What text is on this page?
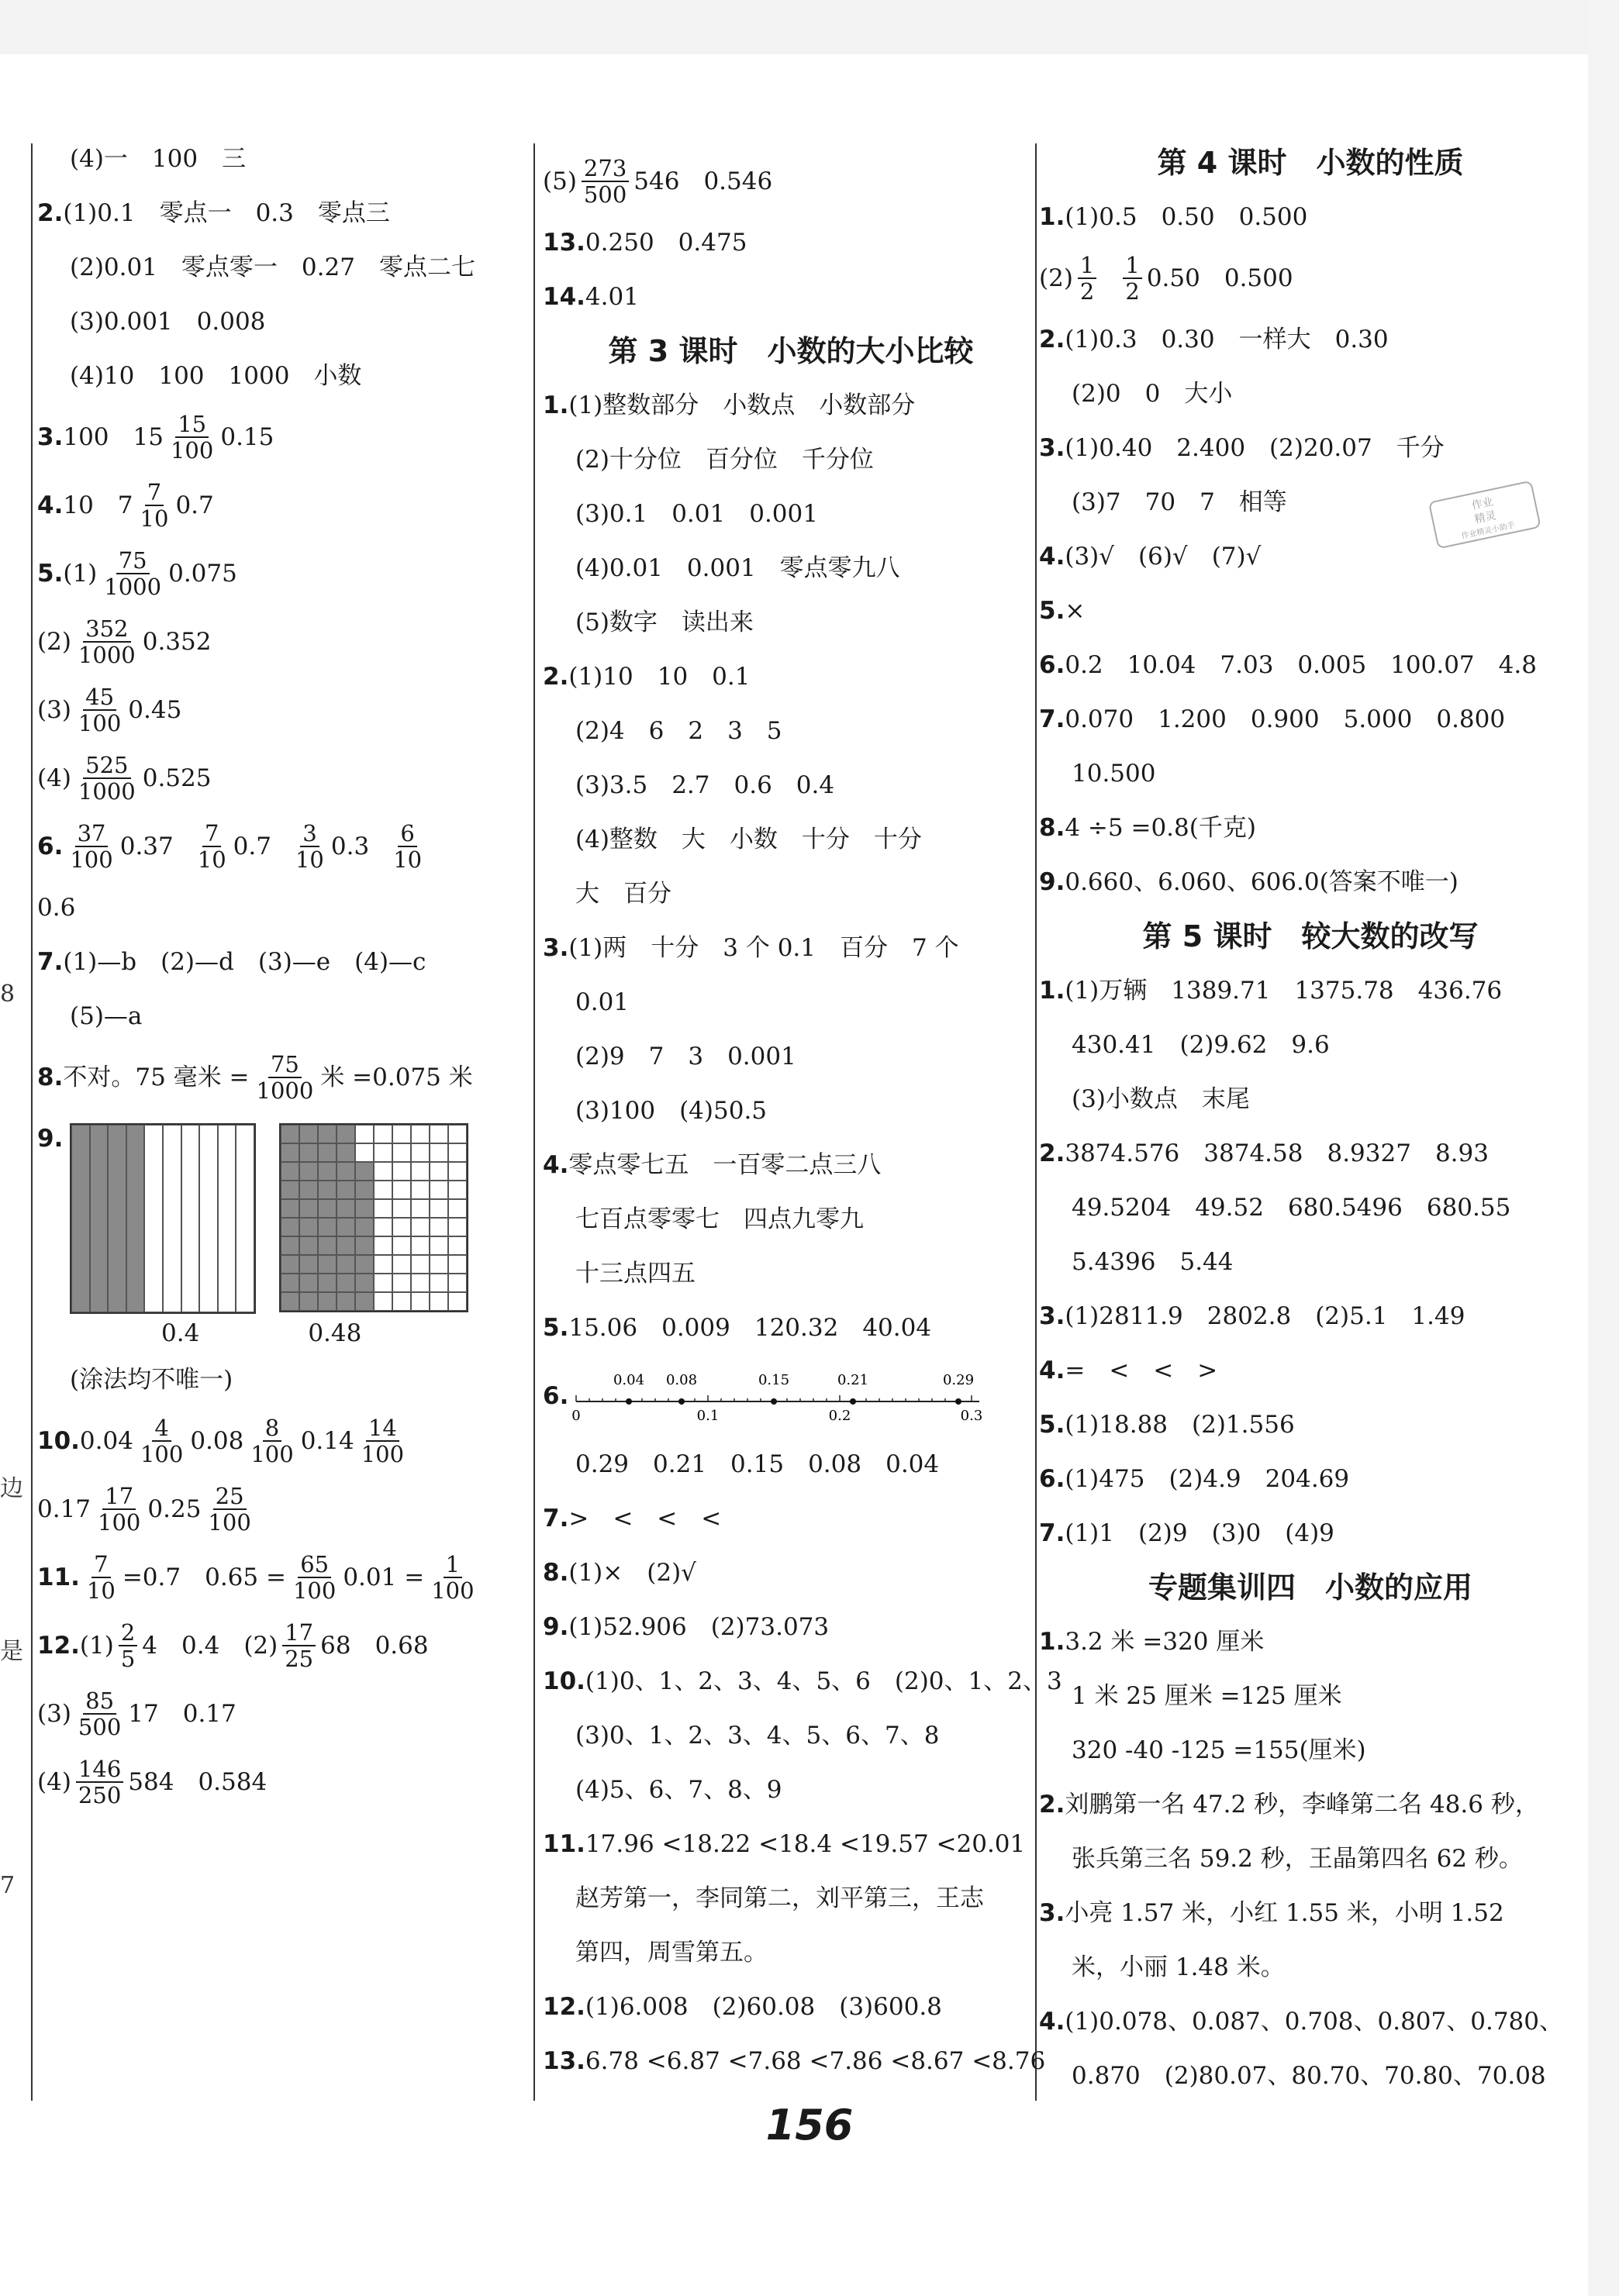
8
边
是
7
(4)一　100　三
2.(1)0.1　零点一　0.3　零点三
(2)0.01　零点零一　0.27　零点二七
(3)0.001　0.008
(4)10　100　1000　小数
3. 100　$15 \frac{15}{100} 0.15$
4. 10　$7 \frac{7}{10} 0.7$
5. $(1) \frac{75}{1000} 0.075$
$(2) \frac{352}{1000} 0.352$
$(3) \frac{45}{100} 0.45$
$(4) \frac{525}{1000} 0.525$
6. $\frac{37}{100} 0.37 \frac{7}{10} 0.7 \frac{3}{10} 0.3 \frac{6}{10}$
0.6
7.(1)—b　(2)—d　(3)—e　(4)—c
(5)—a
8. 不对。75 毫米 = $\frac{75}{1000}$ 米 =0.075 米
9.
0.4	0.48
(涂法均不唯一)
10. $0.04 \frac{4}{100} 0.08 \frac{8}{100} 0.14 \frac{14}{100}$
$0.17 \frac{17}{100} 0.25 \frac{25}{100}$
11. $\frac{7}{10} =0.7$　$0.65 = \frac{65}{100} 0.01 = \frac{1}{100}$
12. $(1) \frac{2}{5} 4$　0.4　$(2) \frac{17}{25} 68$　0.68
$(3) \frac{85}{500} 17$　0.17
$(4) \frac{146}{250} 584$　0.584
$(5) \frac{273}{500} 546$　0.546
13.0.250　0.475
14.4.01
第 3 课时　小数的大小比较
1.(1)整数部分　小数点　小数部分
(2)十分位　百分位　千分位
(3)0.1　0.01　0.001
(4)0.01　0.001　零点零九八
(5)数字　读出来
2.(1)10　10　0.1
(2)4　6　2　3　5
(3)3.5　2.7　0.6　0.4
(4)整数　大　小数　十分　十分
大　百分
3.(1)两　十分　3 个 0.1　百分　7 个
0.01
(2)9　7　3　0.001
(3)100　(4)50.5
4.零点零七五　一百零二点三八
七百点零零七　四点九零九
十三点四五
5.15.06　0.009　120.32　40.04
6.
0	0.1	0.2	0.3
0.04 0.08	0.15	0.21	0.29
0.29　0.21　0.15　0.08　0.04
7.>　<　<　<
8.(1)×　(2)√
9.(1)52.906　(2)73.073
10.(1)0、1、2、3、4、5、6　(2)0、1、2、3
(3)0、1、2、3、4、5、6、7、8
(4)5、6、7、8、9
11.17.96 <18.22 <18.4 <19.57 <20.01
赵芳第一，李同第二，刘平第三，王志
第四，周雪第五。
12.(1)6.008　(2)60.08　(3)600.8
13.6.78 <6.87 <7.68 <7.86 <8.67 <8.76
第 4 课时　小数的性质
1.(1)0.5　0.50　0.500
$(2) \frac{1}{2} \frac{1}{2} 0.50$　0.500
2.(1)0.3　0.30　一样大　0.30
(2)0　0　大小
3.(1)0.40　2.400　(2)20.07　千分
(3)7　70　7　相等
4.(3)√　(6)√　(7)√
5.×
6.0.2　10.04　7.03　0.005　100.07　4.8
7.0.070　1.200　0.900　5.000　0.800
10.500
8.4 ÷5 =0.8(千克)
9.0.660、6.060、606.0(答案不唯一)
第 5 课时　较大数的改写
1.(1)万辆　1389.71　1375.78　436.76
430.41　(2)9.62　9.6
(3)小数点　末尾
2.3874.576　3874.58　8.9327　8.93
49.5204　49.52　680.5496　680.55
5.4396　5.44
3.(1)2811.9　2802.8　(2)5.1　1.49
4.=　<　<　>
5.(1)18.88　(2)1.556
6.(1)475　(2)4.9　204.69
7.(1)1　(2)9　(3)0　(4)9
专题集训四　小数的应用
1.3.2 米 =320 厘米
1 米 25 厘米 =125 厘米
320 -40 -125 =155(厘米)
2.刘鹏第一名 47.2 秒，李峰第二名 48.6 秒，
张兵第三名 59.2 秒，王晶第四名 62 秒。
3.小亮 1.57 米，小红 1.55 米，小明 1.52
米，小丽 1.48 米。
4.(1)0.078、0.087、0.708、0.807、0.780、
0.870　(2)80.07、80.70、70.80、70.08
作业
精灵
作业精灵小助手
156
